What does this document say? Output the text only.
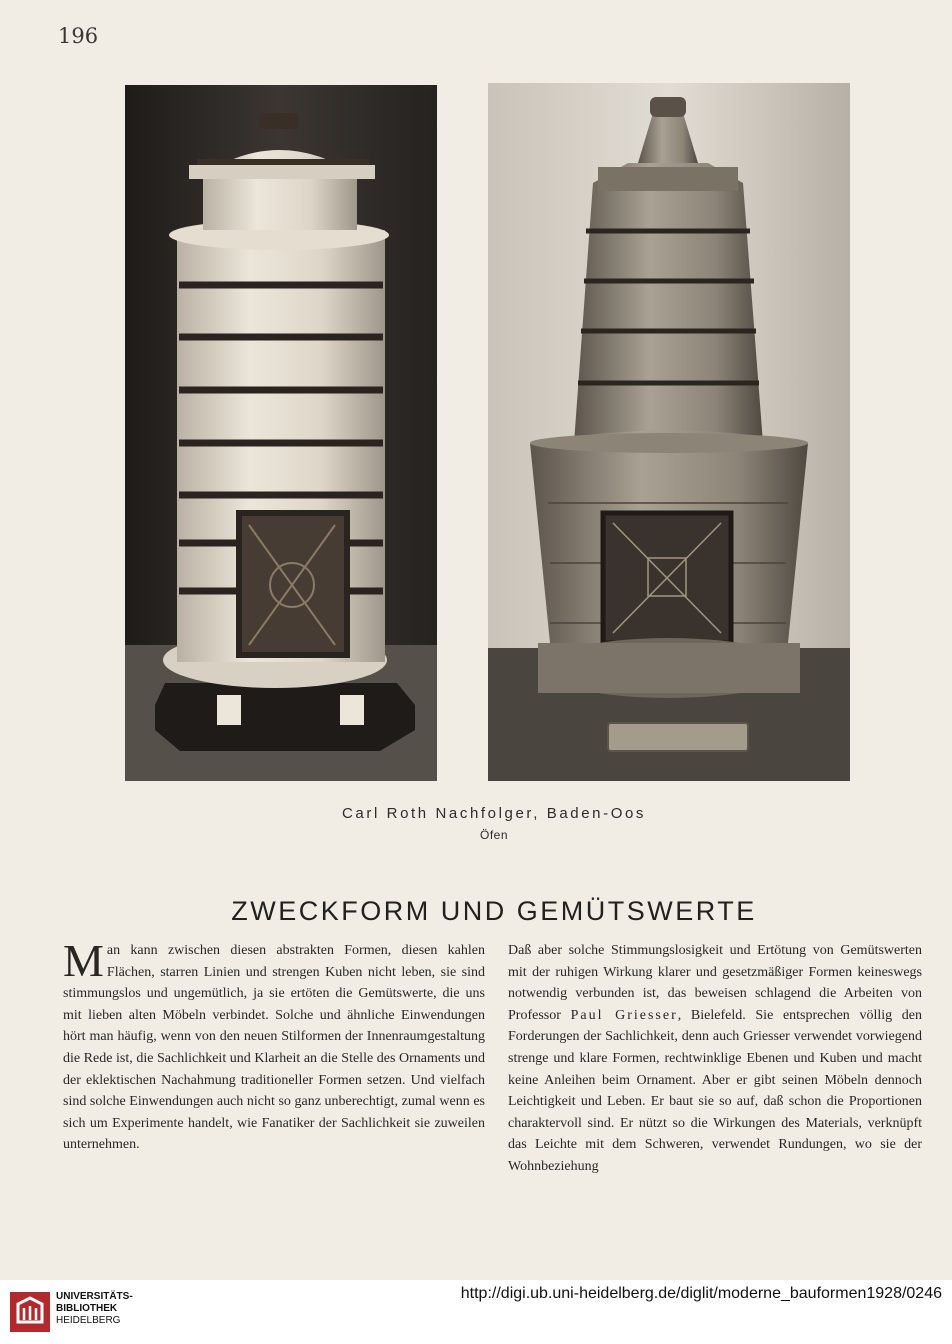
196
Carl Roth Nachfolger, Baden-Oos
Öfen
ZWECKFORM UND GEMÜTSWERTE
Man kann zwischen diesen abstrakten Formen, diesen kahlen Flächen, starren Linien und strengen Kuben nicht leben, sie sind stimmungslos und ungemütlich, ja sie ertöten die Gemütswerte, die uns mit lieben alten Möbeln verbindet. Solche und ähnliche Einwendungen hört man häufig, wenn von den neuen Stilformen der Innenraumgestaltung die Rede ist, die Sachlichkeit und Klarheit an die Stelle des Ornaments und der eklektischen Nachahmung traditioneller Formen setzen. Und vielfach sind solche Einwendungen auch nicht so ganz unberechtigt, zumal wenn es sich um Experimente handelt, wie Fanatiker der Sachlichkeit sie zuweilen unternehmen.
Daß aber solche Stimmungslosigkeit und Ertötung von Gemütswerten mit der ruhigen Wirkung klarer und gesetzmäßiger Formen keineswegs notwendig verbunden ist, das beweisen schlagend die Arbeiten von Professor Paul Griesser, Bielefeld. Sie entsprechen völlig den Forderungen der Sachlichkeit, denn auch Griesser verwendet vorwiegend strenge und klare Formen, rechtwinklige Ebenen und Kuben und macht keine Anleihen beim Ornament. Aber er gibt seinen Möbeln dennoch Leichtigkeit und Leben. Er baut sie so auf, daß schon die Proportionen charaktervoll sind. Er nützt so die Wirkungen des Materials, verknüpft das Leichte mit dem Schweren, verwendet Rundungen, wo sie der Wohnbeziehung
UNIVERSITÄTS-
BIBLIOTHEK
HEIDELBERG
http://digi.ub.uni-heidelberg.de/diglit/moderne_bauformen1928/0246
